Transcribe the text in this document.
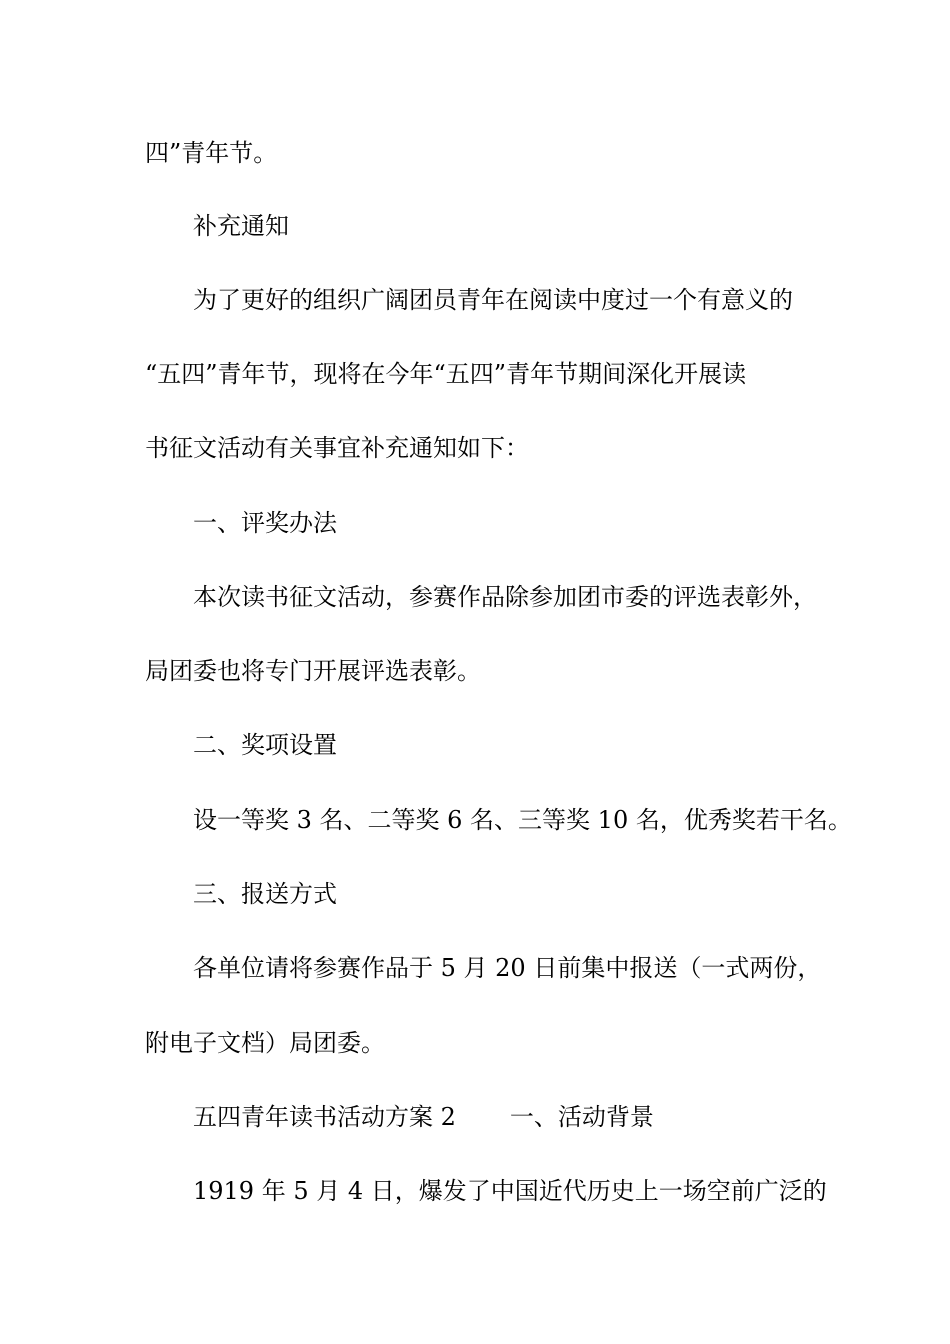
四”青年节。
补充通知
为了更好的组织广阔团员青年在阅读中度过一个有意义的
“五四”青年节，现将在今年“五四”青年节期间深化开展读
书征文活动有关事宜补充通知如下：
一、评奖办法
本次读书征文活动，参赛作品除参加团市委的评选表彰外，
局团委也将专门开展评选表彰。
二、奖项设置
设一等奖 3 名、二等奖 6 名、三等奖 10 名，优秀奖若干名。
三、报送方式
各单位请将参赛作品于 5 月 20 日前集中报送（一式两份，
附电子文档）局团委。
五四青年读书活动方案 2 一、活动背景
1919 年 5 月 4 日，爆发了中国近代历史上一场空前广泛的
